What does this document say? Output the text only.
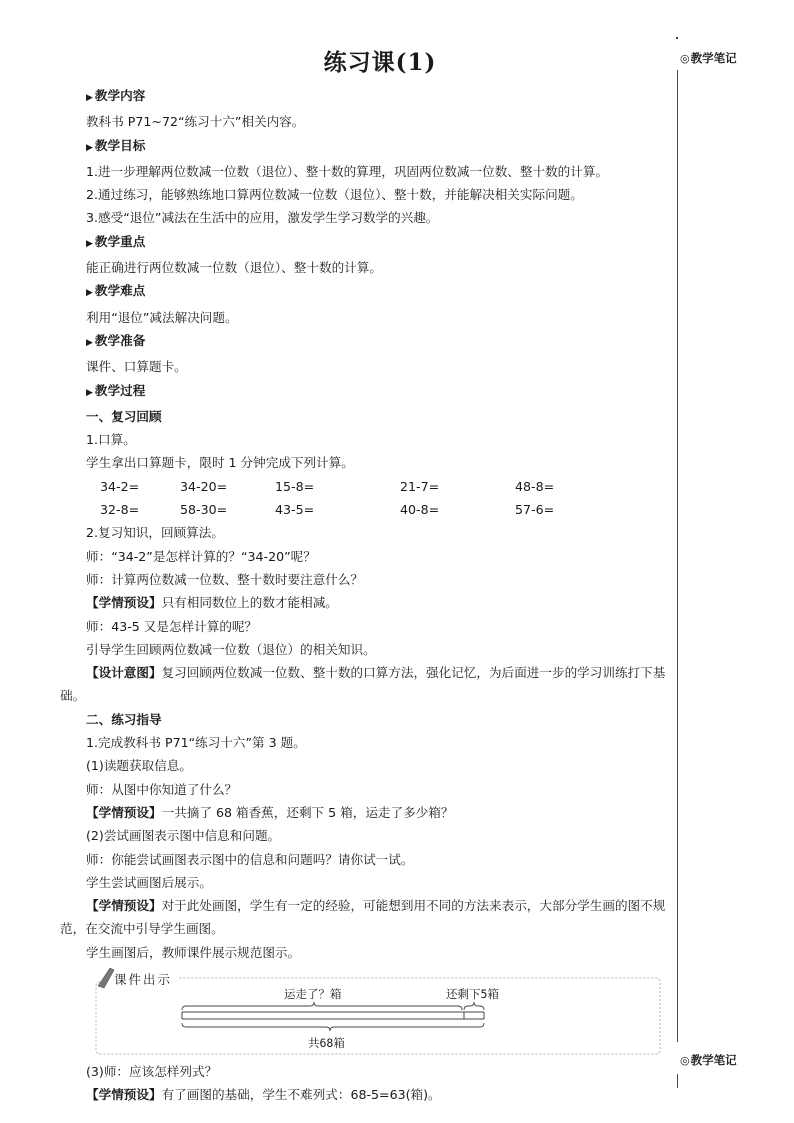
练习课(1)	◎教学笔记
◎教学笔记
▶ 教学内容
教科书 P71~72“练习十六”相关内容。
▶ 教学目标
1.进一步理解两位数减一位数（退位）、整十数的算理，巩固两位数减一位数、整十数的计算。
2.通过练习，能够熟练地口算两位数减一位数（退位）、整十数，并能解决相关实际问题。
3.感受“退位”减法在生活中的应用，激发学生学习数学的兴趣。
▶ 教学重点
能正确进行两位数减一位数（退位）、整十数的计算。
▶ 教学难点
利用“退位”减法解决问题。
▶ 教学准备
课件、口算题卡。
▶ 教学过程
一、复习回顾
1.口算。
学生拿出口算题卡，限时 1 分钟完成下列计算。
34-2=	34-20=	15-8=	21-7=	48-8=
32-8=	58-30=	43-5=	40-8=	57-6=
2.复习知识，回顾算法。
师：“34-2”是怎样计算的？“34-20”呢？
师：计算两位数减一位数、整十数时要注意什么？
【学情预设】只有相同数位上的数才能相减。
师：43-5 又是怎样计算的呢？
引导学生回顾两位数减一位数（退位）的相关知识。
【设计意图】复习回顾两位数减一位数、整十数的口算方法，强化记忆，为后面进一步的学习训练打下基础。
二、练习指导
1.完成教科书 P71“练习十六”第 3 题。
(1)读题获取信息。
师：从图中你知道了什么？
【学情预设】一共摘了 68 箱香蕉，还剩下 5 箱，运走了多少箱？
(2)尝试画图表示图中信息和问题。
师：你能尝试画图表示图中的信息和问题吗？请你试一试。
学生尝试画图后展示。
【学情预设】对于此处画图，学生有一定的经验，可能想到用不同的方法来表示，大部分学生画的图不规范，在交流中引导学生画图。
学生画图后，教师课件展示规范图示。
课件出示
运走了？箱	还剩下5箱
共68箱
(3)师：应该怎样列式？
【学情预设】有了画图的基础，学生不难列式：68-5=63(箱)。
